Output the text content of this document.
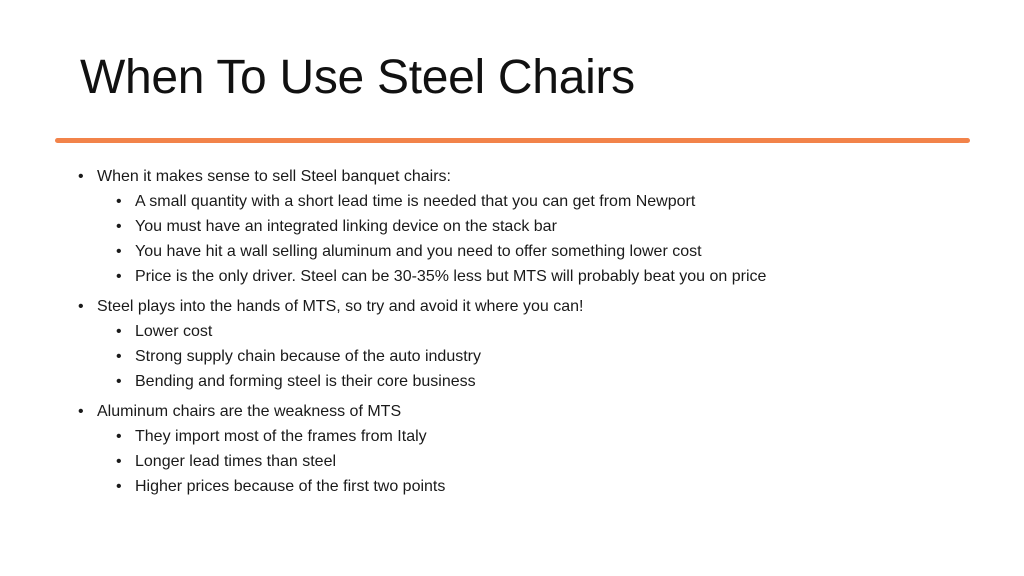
When To Use Steel Chairs
• When it makes sense to sell Steel banquet chairs:
• A small quantity with a short lead time is needed that you can get from Newport
• You must have an integrated linking device on the stack bar
• You have hit a wall selling aluminum and you need to offer something lower cost
• Price is the only driver. Steel can be 30-35% less but MTS will probably beat you on price
• Steel plays into the hands of MTS, so try and avoid it where you can!
• Lower cost
• Strong supply chain because of the auto industry
• Bending and forming steel is their core business
• Aluminum chairs are the weakness of MTS
• They import most of the frames from Italy
• Longer lead times than steel
• Higher prices because of the first two points
